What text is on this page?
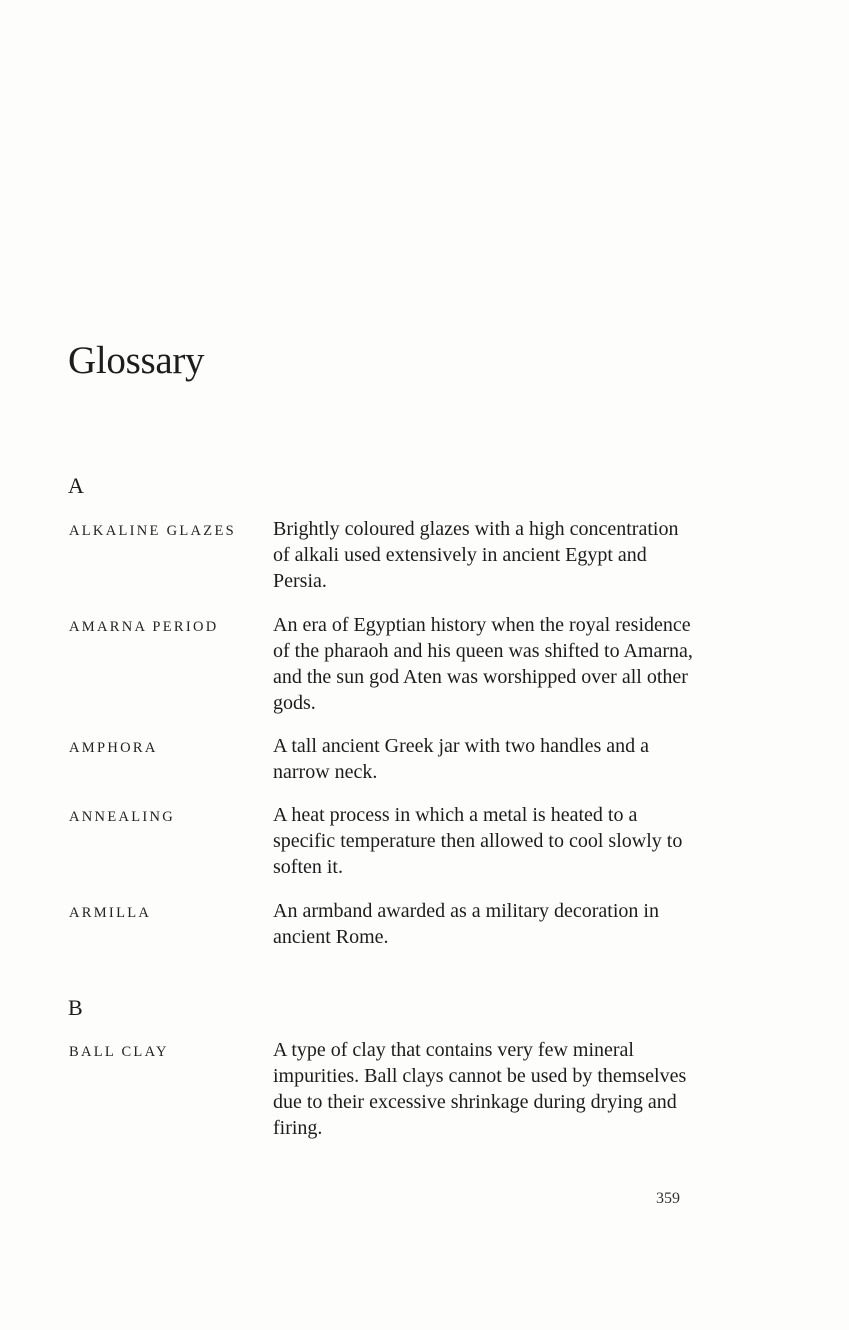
Glossary
A
ALKALINE GLAZES Brightly coloured glazes with a high concentration of alkali used extensively in ancient Egypt and Persia.
AMARNA PERIOD	An era of Egyptian history when the royal residence of the pharaoh and his queen was shifted to Amarna, and the sun god Aten was worshipped over all other gods.
AMPHORA	A tall ancient Greek jar with two handles and a narrow neck.
ANNEALING	A heat process in which a metal is heated to a specific temperature then allowed to cool slowly to soften it.
ARMILLA	An armband awarded as a military decoration in ancient Rome.
B
BALL CLAY	A type of clay that contains very few mineral impurities. Ball clays cannot be used by themselves due to their excessive shrinkage during drying and firing.
359
